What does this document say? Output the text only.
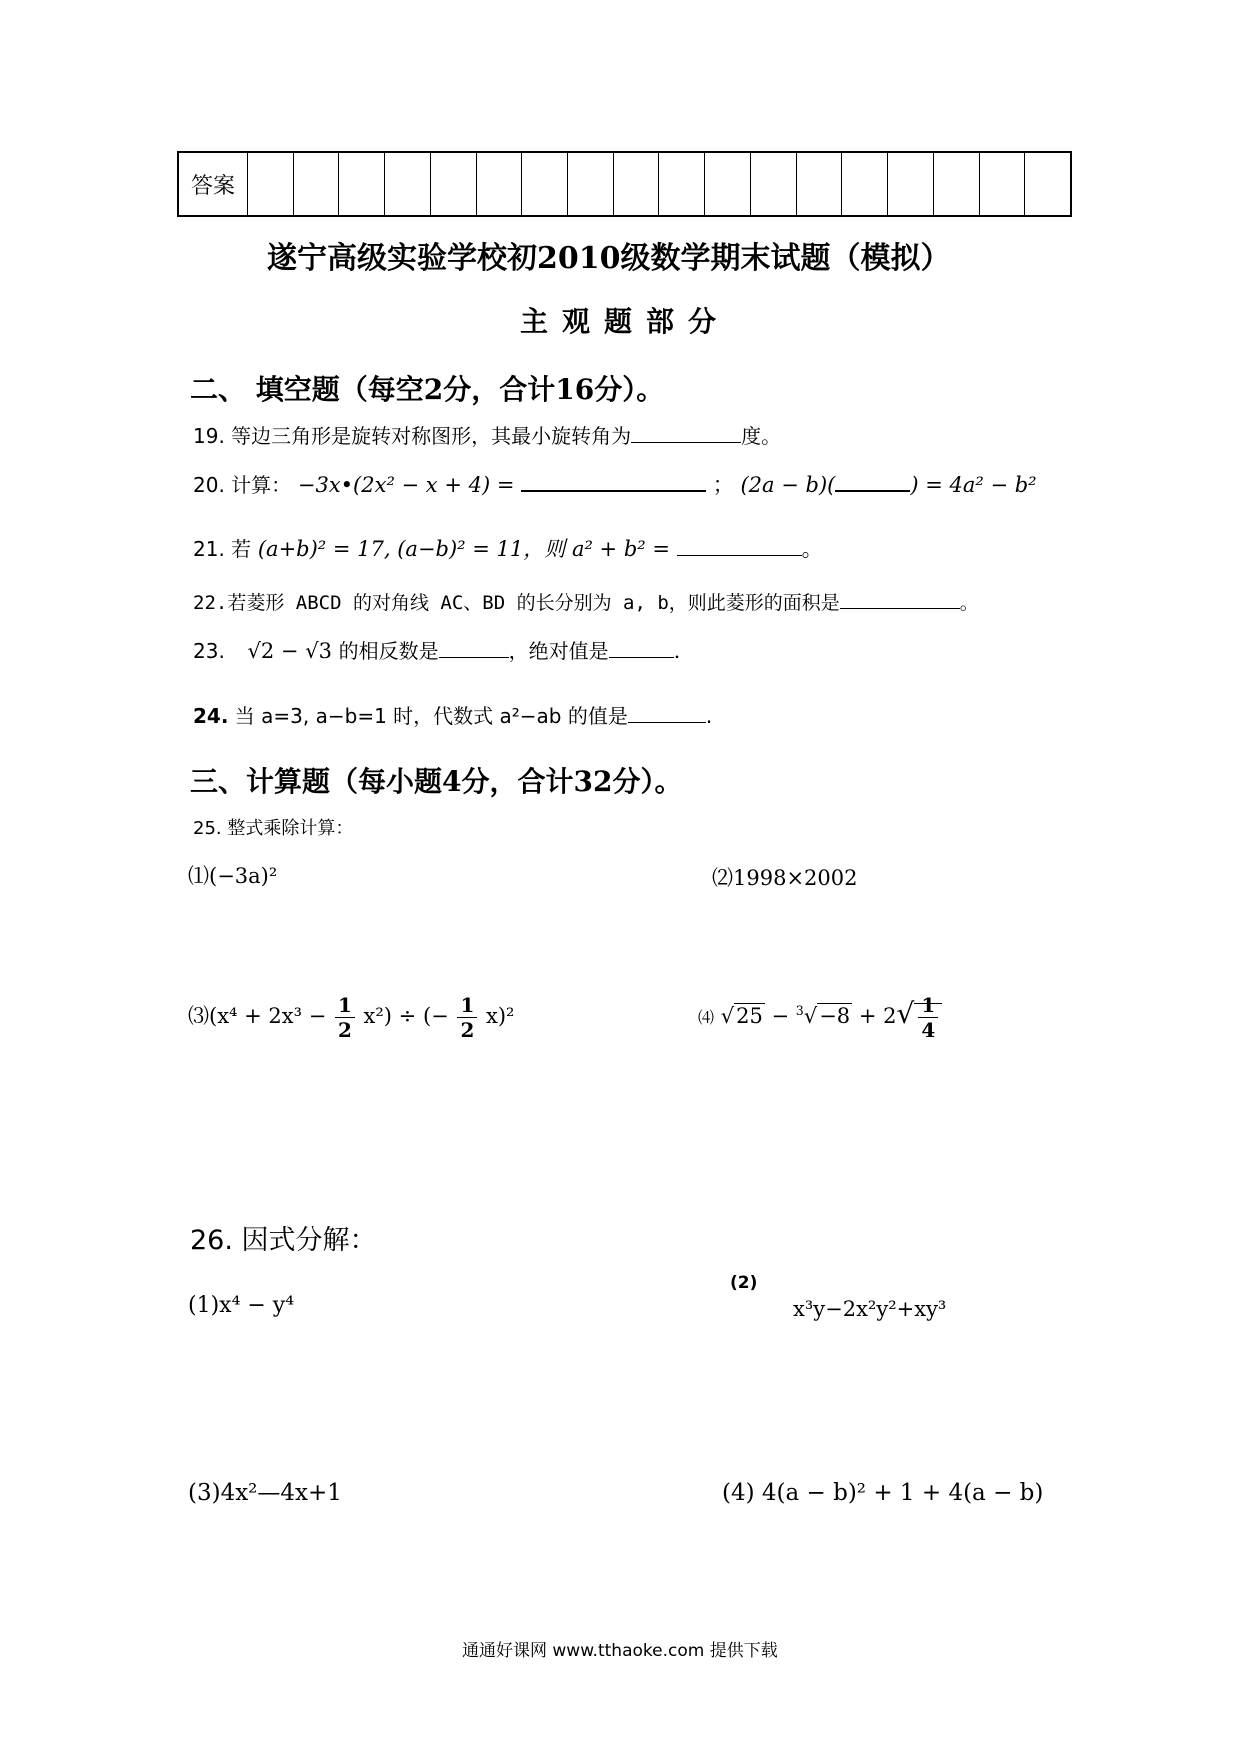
答案
遂宁高级实验学校初2010级数学期末试题（模拟）
主观题部分
二、 填空题（每空2分，合计16分）。
19. 等边三角形是旋转对称图形，其最小旋转角为	度。
20. 计算： −3x•(2x² − x + 4) =	； (2a − b)(	) = 4a² − b²
21. 若 (a+b)² = 17, (a−b)² = 11，则 a² + b² =	。
22.若菱形 ABCD 的对角线 AC、BD 的长分别为 a, b，则此菱形的面积是	。
23. √2 − √3 的相反数是	，绝对值是	.
24. 当 a=3, a−b=1 时，代数式 a²−ab 的值是	.
三、计算题（每小题4分，合计32分）。
25. 整式乘除计算：
⑴(−3a)²	⑵1998×2002
⑶(x⁴ + $2x^3 - \frac{1}{2} x^2$) ÷ (− $\frac{1}{2} x)^2$	⑷ $√25 - ^3√-8 + 2√ \frac{1}{4}$
26. 因式分解：
(1)x⁴ − y⁴
(2)
x³y−2x²y²+xy³
(3)4x²—4x+1	(4) 4(a − b)² + 1 + 4(a − b)
通通好课网 www.tthaoke.com 提供下载
